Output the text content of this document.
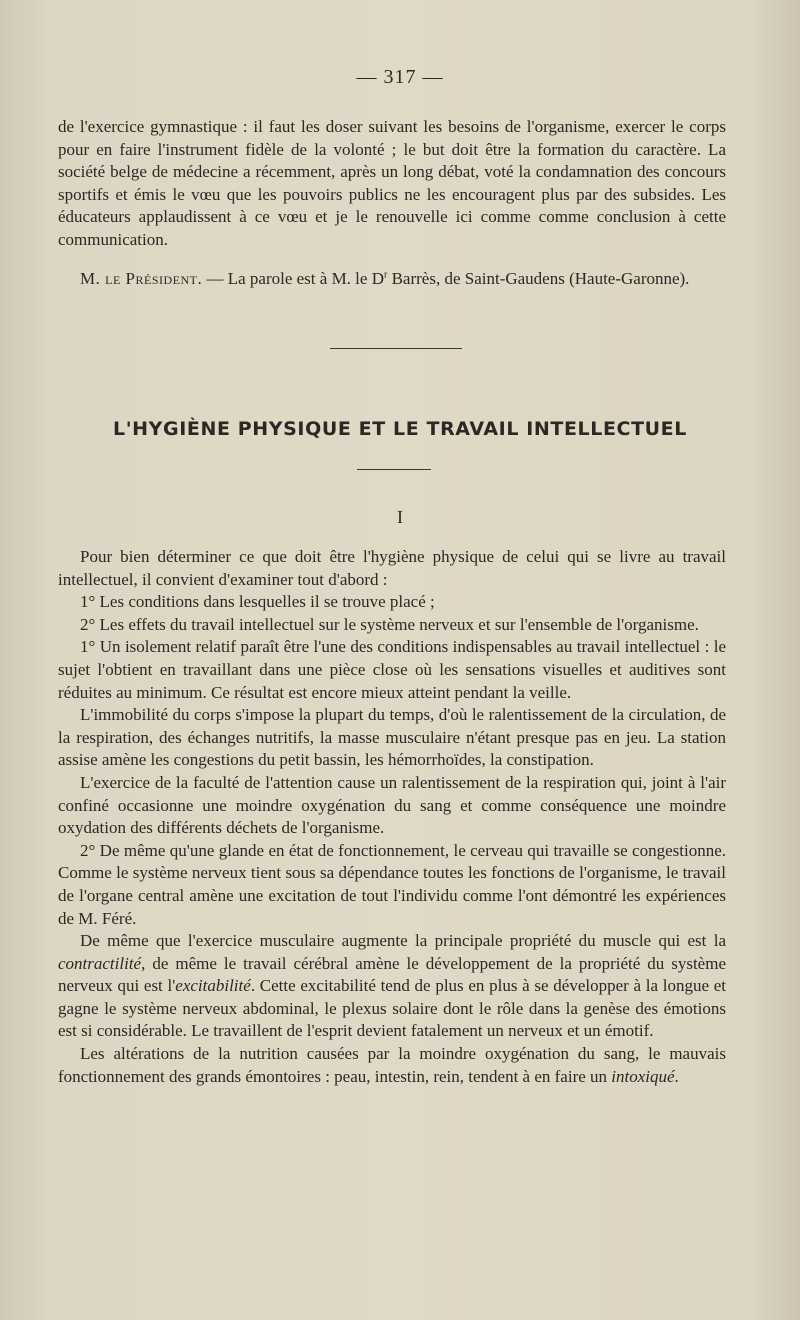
— 317 —

de l'exercice gymnastique : il faut les doser suivant les besoins de l'organisme, exercer le corps pour en faire l'instrument fidèle de la volonté ; le but doit être la formation du caractère. La société belge de médecine a récemment, après un long débat, voté la condamnation des concours sportifs et émis le vœu que les pouvoirs publics ne les encouragent plus par des subsides. Les éducateurs applaudissent à ce vœu et je le renouvelle ici comme comme conclusion à cette communication.

M. le Président. — La parole est à M. le $D^r$ Barrès, de Saint-Gaudens (Haute-Garonne).

L'HYGIÈNE PHYSIQUE ET LE TRAVAIL INTELLECTUEL
I

Pour bien déterminer ce que doit être l'hygiène physique de celui qui se livre au travail intellectuel, il convient d'examiner tout d'abord :

1° Les conditions dans lesquelles il se trouve placé ;

2° Les effets du travail intellectuel sur le système nerveux et sur l'ensemble de l'organisme.

1° Un isolement relatif paraît être l'une des conditions indispensables au travail intellectuel : le sujet l'obtient en travaillant dans une pièce close où les sensations visuelles et auditives sont réduites au minimum. Ce résultat est encore mieux atteint pendant la veille.

L'immobilité du corps s'impose la plupart du temps, d'où le ralentissement de la circulation, de la respiration, des échanges nutritifs, la masse musculaire n'étant presque pas en jeu. La station assise amène les congestions du petit bassin, les hémorrhoïdes, la constipation.

L'exercice de la faculté de l'attention cause un ralentissement de la respiration qui, joint à l'air confiné occasionne une moindre oxygénation du sang et comme conséquence une moindre oxydation des différents déchets de l'organisme.

2° De même qu'une glande en état de fonctionnement, le cerveau qui travaille se congestionne. Comme le système nerveux tient sous sa dépendance toutes les fonctions de l'organisme, le travail de l'organe central amène une excitation de tout l'individu comme l'ont démontré les expériences de M. Féré.

De même que l'exercice musculaire augmente la principale propriété du muscle qui est la contractilité, de même le travail cérébral amène le développement de la propriété du système nerveux qui est l'excitabilité. Cette excitabilité tend de plus en plus à se développer à la longue et gagne le système nerveux abdominal, le plexus solaire dont le rôle dans la genèse des émotions est si considérable. Le travaillent de l'esprit devient fatalement un nerveux et un émotif.

Les altérations de la nutrition causées par la moindre oxygénation du sang, le mauvais fonctionnement des grands émontoires : peau, intestin, rein, tendent à en faire un intoxiqué.
